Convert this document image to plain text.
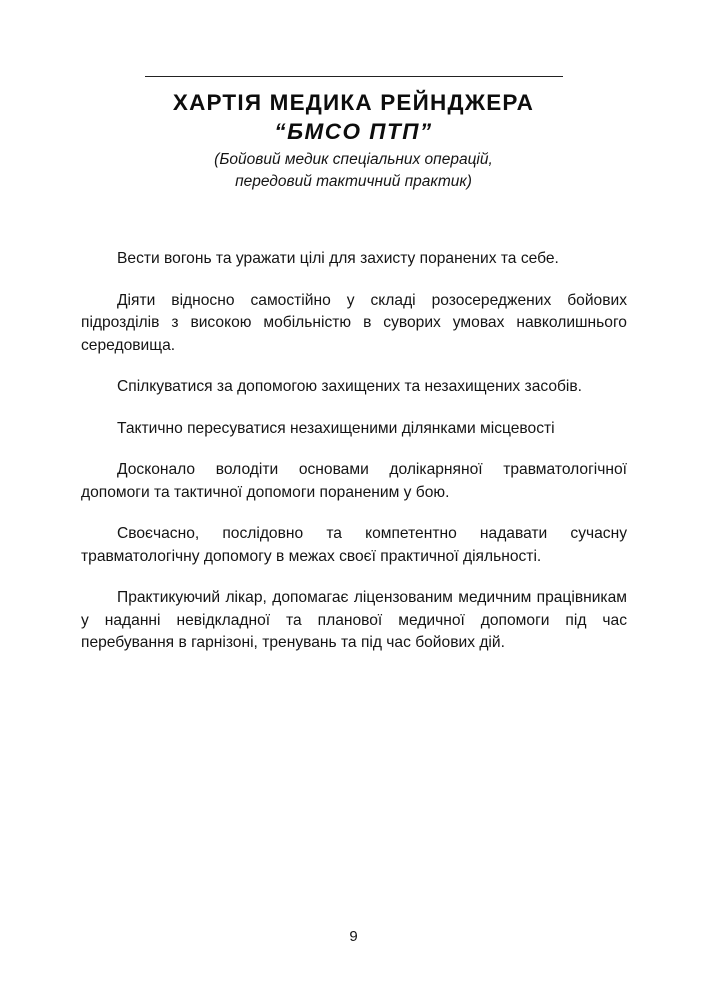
ХАРТІЯ МЕДИКА РЕЙНДЖЕРА
“БМСО ПТП”
(Бойовий медик спеціальних операцій,
передовий тактичний практик)

Вести вогонь та уражати цілі для захисту поранених та себе.

Діяти відносно самостійно у складі розосереджених бойових підрозділів з високою мобільністю в суворих умовах навколишнього середовища.

Спілкуватися за допомогою захищених та незахищених засобів.

Тактично пересуватися незахищеними ділянками місцевості

Досконало володіти основами долікарняної травматологічної допомоги та тактичної допомоги пораненим у бою.

Своєчасно, послідовно та компетентно надавати сучасну травматологічну допомогу в межах своєї практичної діяльності.

Практикуючий лікар, допомагає ліцензованим медичним працівникам у наданні невідкладної та планової медичної допомоги під час перебування в гарнізоні, тренувань та під час бойових дій.

9
